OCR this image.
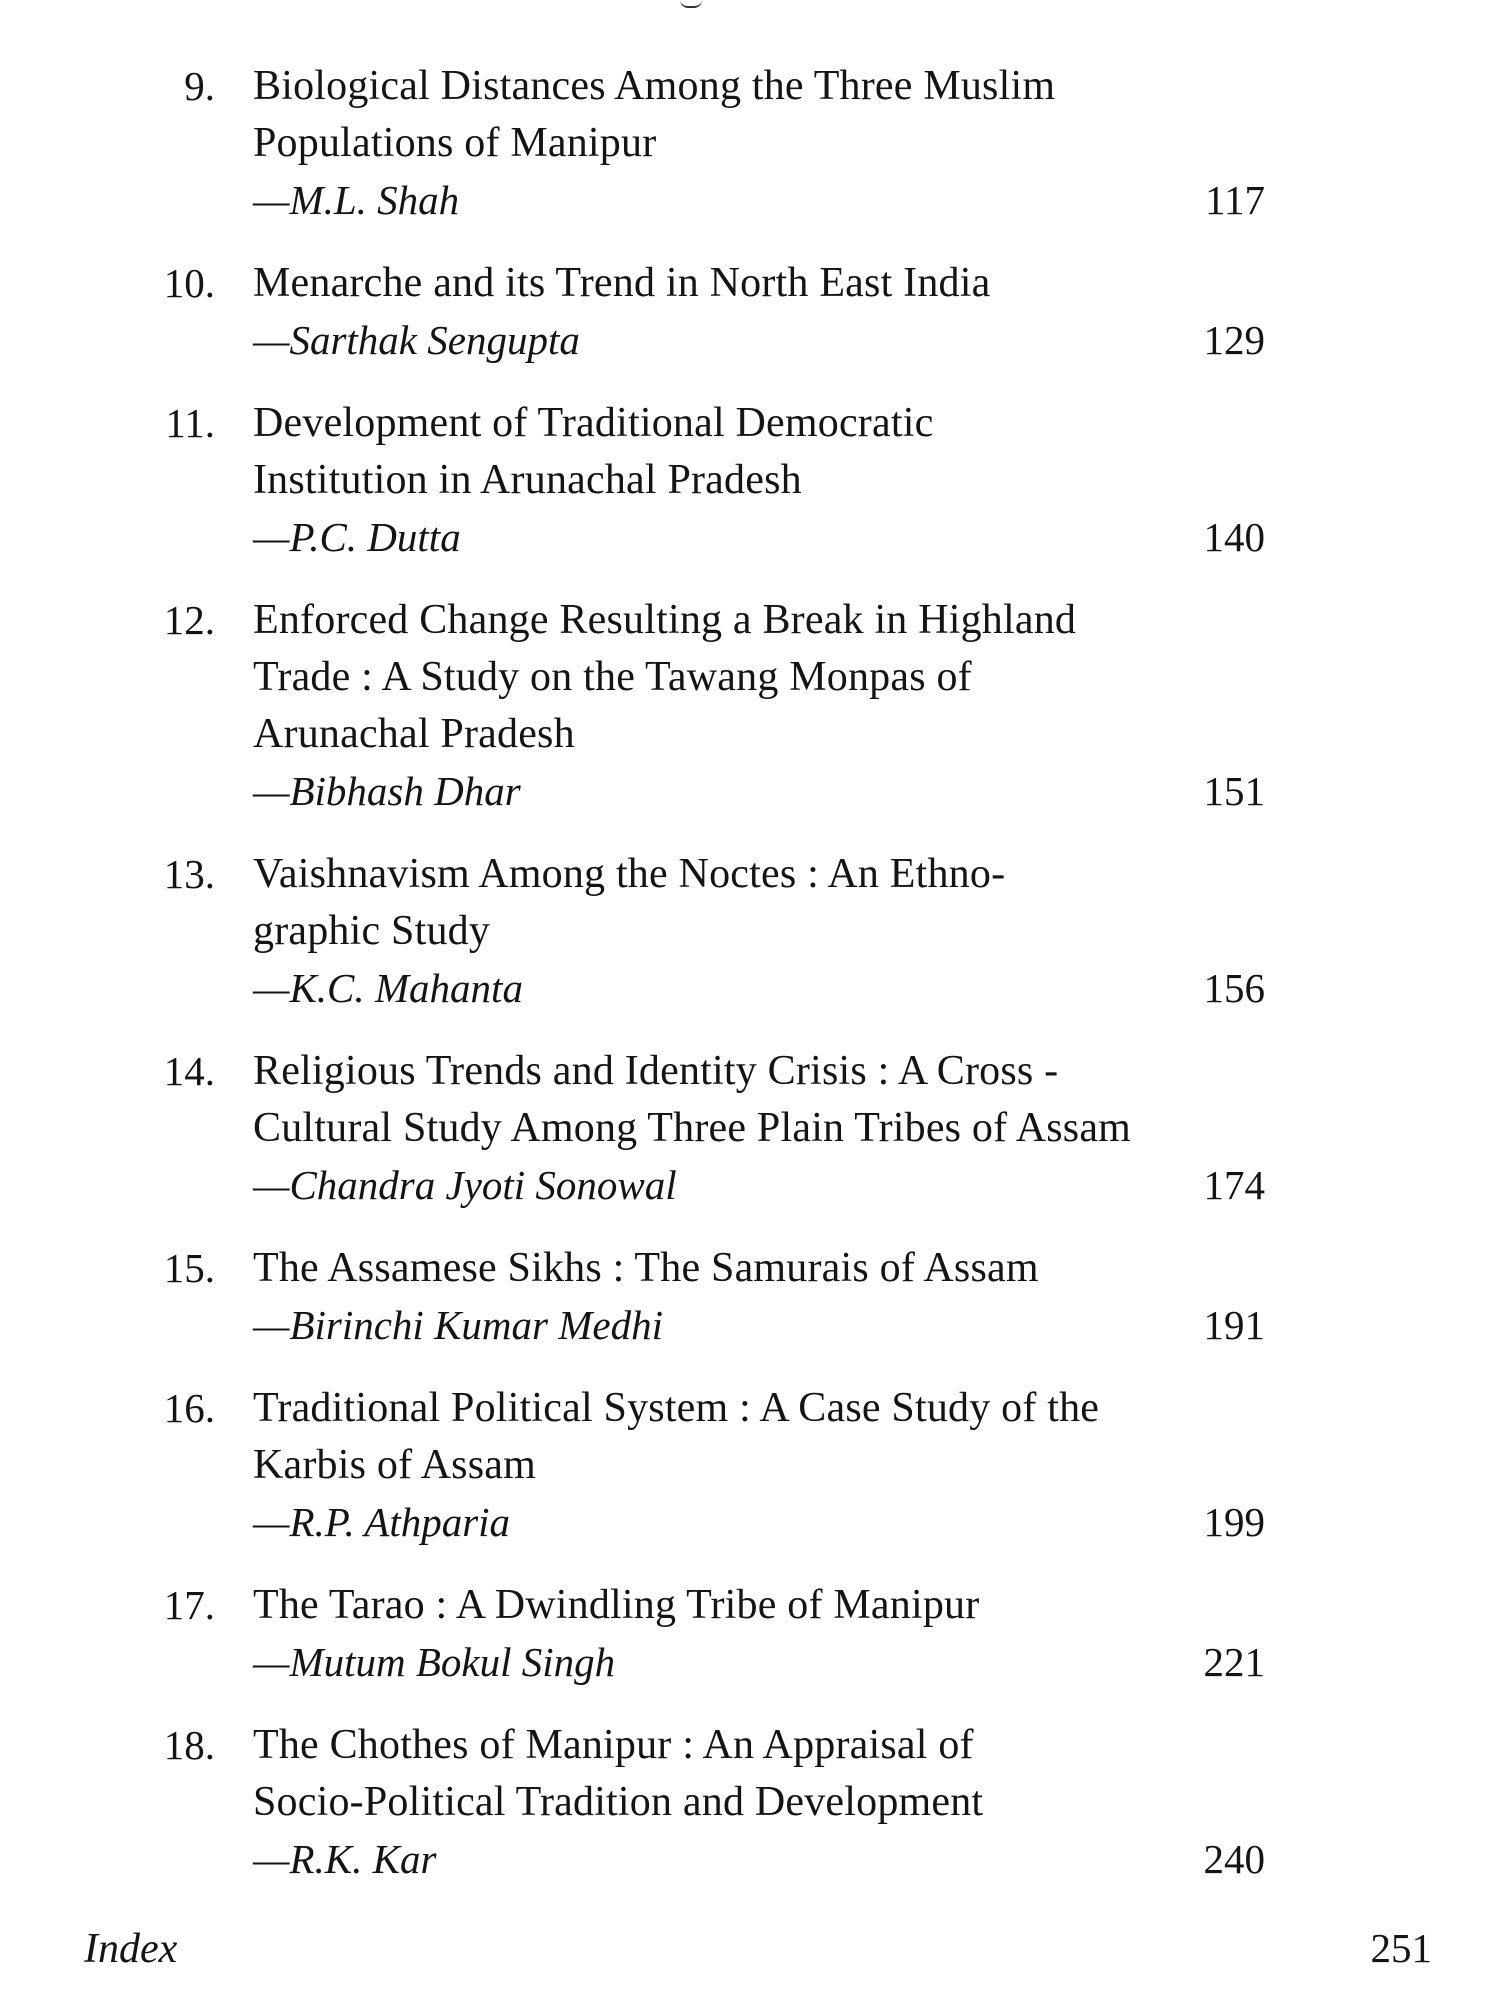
9. Biological Distances Among the Three Muslim
Populations of Manipur
—M.L. Shah	117
10. Menarche and its Trend in North East India
—Sarthak Sengupta	129
11. Development of Traditional Democratic
Institution in Arunachal Pradesh
—P.C. Dutta	140
12. Enforced Change Resulting a Break in Highland
Trade : A Study on the Tawang Monpas of
Arunachal Pradesh
—Bibhash Dhar	151
13. Vaishnavism Among the Noctes : An Ethno-
graphic Study
—K.C. Mahanta	156
14. Religious Trends and Identity Crisis : A Cross -
Cultural Study Among Three Plain Tribes of Assam
—Chandra Jyoti Sonowal	174
15. The Assamese Sikhs : The Samurais of Assam
—Birinchi Kumar Medhi	191
16. Traditional Political System : A Case Study of the
Karbis of Assam
—R.P. Athparia	199
17. The Tarao : A Dwindling Tribe of Manipur
—Mutum Bokul Singh	221
18. The Chothes of Manipur : An Appraisal of
Socio-Political Tradition and Development
—R.K. Kar	240
Index	251
